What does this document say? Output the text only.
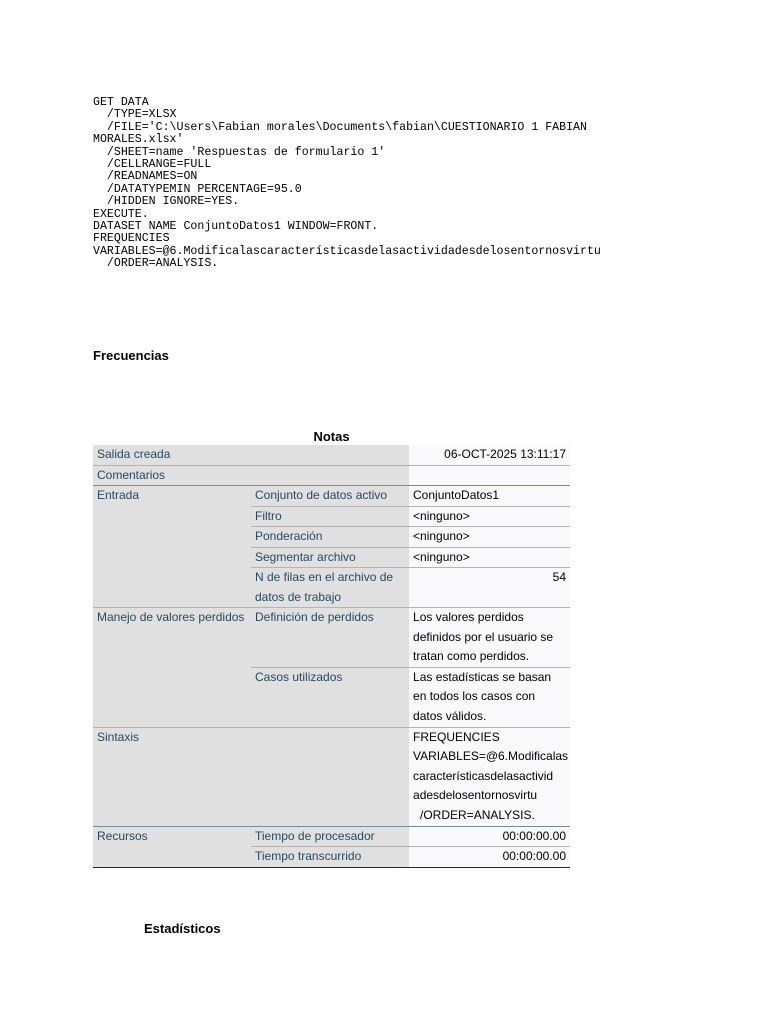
GET DATA
/TYPE=XLSX
/FILE='C:\Users\Fabian morales\Documents\fabian\CUESTIONARIO 1 FABIAN
MORALES.xlsx'
/SHEET=name 'Respuestas de formulario 1'
/CELLRANGE=FULL
/READNAMES=ON
/DATATYPEMIN PERCENTAGE=95.0
/HIDDEN IGNORE=YES.
EXECUTE.
DATASET NAME ConjuntoDatos1 WINDOW=FRONT.
FREQUENCIES
VARIABLES=@6.Modificalascaracterísticasdelasactividadesdelosentornosvirtu
/ORDER=ANALYSIS.
Frecuencias
Notas
Salida creada		06-OCT-2025 13:11:17
Comentarios		
Entrada	Conjunto de datos activo	ConjuntoDatos1
	Filtro	<ninguno>
	Ponderación	<ninguno>
	Segmentar archivo	<ninguno>
	N de filas en el archivo de datos de trabajo	54
Manejo de valores perdidos	Definición de perdidos	Los valores perdidos definidos por el usuario se tratan como perdidos.
	Casos utilizados	Las estadísticas se basan en todos los casos con datos válidos.
Sintaxis		FREQUENCIES
VARIABLES=@6.Modificalas
característicasdelasactivid
adesdelosentornosvirtu
/ORDER=ANALYSIS.
Recursos	Tiempo de procesador	00:00:00.00
	Tiempo transcurrido	00:00:00.00
Estadísticos
